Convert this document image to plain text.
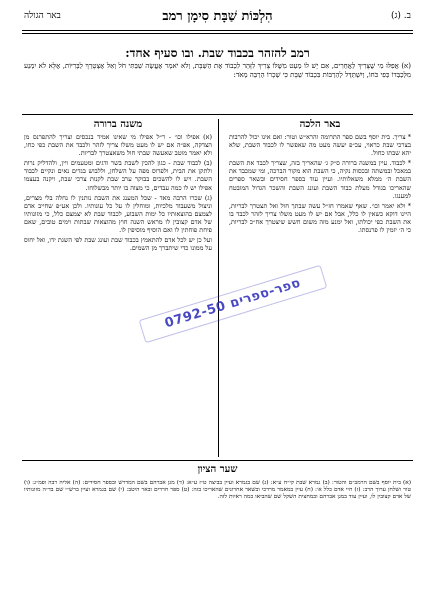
ב. (ג)
הִלְכּוֹת שַׁבָּת סִימָן רמב
באר הגולה
רמב להזהר בכבוד שבת. ובו סעיף אחד:
(א) אֲפִלּוּ מִי שֶׁצָּרִיךְ לַאֲחֵרִים, אִם יֵשׁ לוֹ מְעַט מִשֶּׁלּוֹ צָרִיךְ לִזָּהֵר לִכְבוֹד אֶת הַשַּׁבָּת, וְלֹא יֹאמַר אֶעֱשֶׂה שַׁבַּתִּי חֹל וְאַל אֶצְטָרֵךְ לַבְּרִיּוֹת, אֶלָּא לֹא יִמְנַע מִלְּכַבְּדוֹ כְּפִי כֹּחוֹ, וְיִשְׁתַּדֵּל לְהַרְבּוֹת בִּכְבוֹד שַׁבָּת כִּי שְׁכָרוֹ הַרְבֵּה מְאֹד:
באר הלכה

* צריך. בית יוסף בשם ספר התרומה והרא״ש וטור: ואם אינו יכול להרבות בצרכי שבת כראוי, עכ״פ יעשה מעט מה שאפשר לו לכבוד השבת, שלא יהא שבתו כחול.

* לכבוד. עיין במשנה ברורה ס״ק ג׳ שהאריך בזה, שצריך לכבד את השבת במאכל ובמשתה ובכסות נקיה, כי השבת הוא מקור הברכה, ומי שמכבד את השבת ה׳ ממלא משאלותיו. ועיין עוד בספר חסידים ובשאר ספרים שהאריכו בגודל מעלת כבוד השבת ועונג השבת והשכר הגדול המובטח למענגו.

* ולא יאמר וכו׳. שאף שאמרו חז״ל עשה שבתך חול ואל תצטרך לבריות, היינו דוקא כשאין לו כלל, אבל אם יש לו מעט משלו צריך לזהר לכבד בו את השבת כפי יכולתו, ואל ימנע מזה משום חשש שיצטרך אח״כ לבריות, כי ה׳ יזמין לו פרנסתו.

משנה ברורה

(א) אפילו וכו׳ - ר״ל אפילו מי שאינו אמיד בנכסים וצריך להתפרנס מן הצדקה, אפ״ה אם יש לו מעט משלו צריך לזהר ולכבד את השבת כפי כחו, ולא יאמר מוטב שאעשה שבתי חול משאצטרך לבריות.

(ב) לכבוד שבת - כגון להכין לשבת בשר ודגים ומטעמים ויין, ולהדליק נרות ולתקן את הבית, ולפרוס מפה על השלחן, וללבוש בגדים נאים ונקיים לכבוד השבת. ויש לו להשכים בבוקר ערב שבת לקנות צרכי שבת, ויקנה בעצמו אפילו יש לו כמה עבדים, כי מצוה בו יותר מבשלוחו.

(ג) שכרו הרבה מאד - שכל המענג את השבת נותנין לו נחלה בלי מצרים, וניצול משעבוד מלכיות, ומוחלין לו על כל עונותיו. ולכן אע״פ שחייב אדם לצמצם בהוצאותיו כל ימות השבוע, לכבוד שבת לא יצמצם כלל, כי מזונותיו של אדם קצובין לו מראש השנה חוץ מהוצאות שבתות וימים טובים, שאם פיחת פוחתין לו ואם הוסיף מוסיפין לו.

ועל כן יש לכל אדם להתאמץ בכבוד שבת ועונג שבת לפי השגת ידו, ואל יחוס על ממונו כדי שיתברך מן השמים.

שער הציון
(א) בית יוסף בשם הרמב״ם והטור: (ב) גמרא שבת קי״ח ע״א: (ג) שם בגמרא ועיין בביצה ט״ז ע״א: (ד) מגן אברהם בשם המדרש ובספר חסידים: (ה) אליה רבה ופמ״ג: (ו) טור ושלחן ערוך הרב: (ז) חיי אדם כלל א׳: (ח) עיין במאמר מרדכי ובשאר אחרונים שהאריכו בזה: (ט) ספר חרדים ובאר היטב: (י) שם בגמרא ועיין ברש״י שם בד״ה מזונותיו של אדם קצובין לו, ועיין עוד במגן אברהם ובמחצית השקל שם שהביאו כמה ראיות לזה.
ספר-ספרים 0792-50
